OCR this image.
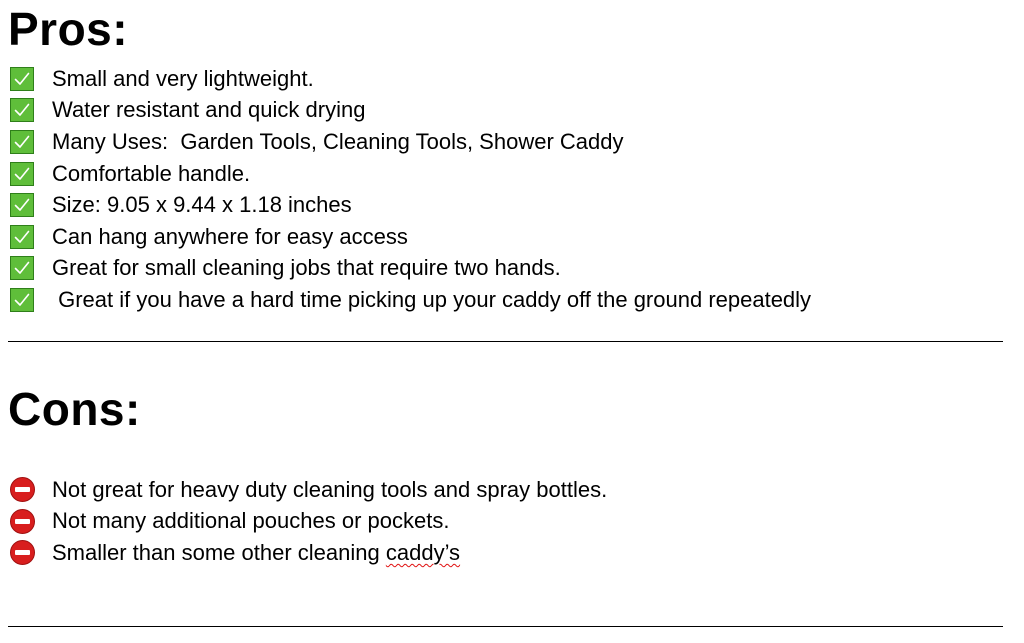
Pros:
Small and very lightweight.
Water resistant and quick drying
Many Uses:  Garden Tools, Cleaning Tools, Shower Caddy
Comfortable handle.
Size: 9.05 x 9.44 x 1.18 inches
Can hang anywhere for easy access
Great for small cleaning jobs that require two hands.
Great if you have a hard time picking up your caddy off the ground repeatedly
Cons:
Not great for heavy duty cleaning tools and spray bottles.
Not many additional pouches or pockets.
Smaller than some other cleaning caddy’s
